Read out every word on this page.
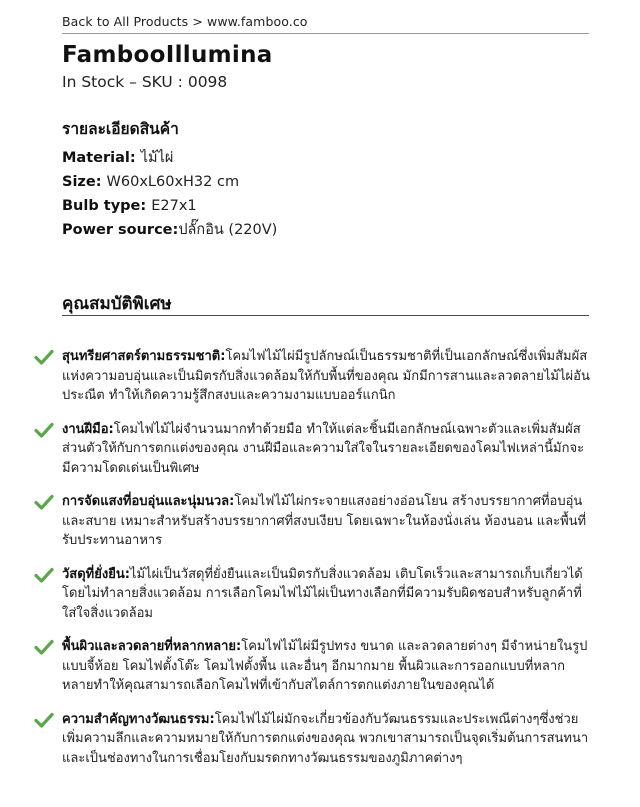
Back to All Products > www.famboo.co
FambooIllumina
In Stock – SKU : 0098
รายละเอียดสินค้า
Material: ไม้ไผ่
Size: W60xL60xH32 cm
Bulb type: E27x1
Power source:ปลั๊กอิน (220V)
คุณสมบัติพิเศษ
สุนทรียศาสตร์ตามธรรมชาติ:โคมไฟไม้ไผ่มีรูปลักษณ์เป็นธรรมชาติที่เป็นเอกลักษณ์ซึ่งเพิ่มสัมผัสแห่งความอบอุ่นและเป็นมิตรกับสิ่งแวดล้อมให้กับพื้นที่ของคุณ มักมีการสานและลวดลายไม้ไผ่อันประณีต ทำให้เกิดความรู้สึกสงบและความงามแบบออร์แกนิก
งานฝีมือ:โคมไฟไม้ไผ่จำนวนมากทำด้วยมือ ทำให้แต่ละชิ้นมีเอกลักษณ์เฉพาะตัวและเพิ่มสัมผัสส่วนตัวให้กับการตกแต่งของคุณ งานฝีมือและความใส่ใจในรายละเอียดของโคมไฟเหล่านี้มักจะมีความโดดเด่นเป็นพิเศษ
การจัดแสงที่อบอุ่นและนุ่มนวล:โคมไฟไม้ไผ่กระจายแสงอย่างอ่อนโยน สร้างบรรยากาศที่อบอุ่นและสบาย เหมาะสำหรับสร้างบรรยากาศที่สงบเงียบ โดยเฉพาะในห้องนั่งเล่น ห้องนอน และพื้นที่รับประทานอาหาร
วัสดุที่ยั่งยืน:ไม้ไผ่เป็นวัสดุที่ยั่งยืนและเป็นมิตรกับสิ่งแวดล้อม เติบโตเร็วและสามารถเก็บเกี่ยวได้โดยไม่ทำลายสิ่งแวดล้อม การเลือกโคมไฟไม้ไผ่เป็นทางเลือกที่มีความรับผิดชอบสำหรับลูกค้าที่ใส่ใจสิ่งแวดล้อม
พื้นผิวและลวดลายที่หลากหลาย:โคมไฟไม้ไผ่มีรูปทรง ขนาด และลวดลายต่างๆ มีจำหน่ายในรูปแบบจี้ห้อย โคมไฟตั้งโต๊ะ โคมไฟตั้งพื้น และอื่นๆ อีกมากมาย พื้นผิวและการออกแบบที่หลากหลายทำให้คุณสามารถเลือกโคมไฟที่เข้ากับสไตล์การตกแต่งภายในของคุณได้
ความสำคัญทางวัฒนธรรม:โคมไฟไม้ไผ่มักจะเกี่ยวข้องกับวัฒนธรรมและประเพณีต่างๆซึ่งช่วยเพิ่มความลึกและความหมายให้กับการตกแต่งของคุณ พวกเขาสามารถเป็นจุดเริ่มต้นการสนทนาและเป็นช่องทางในการเชื่อมโยงกับมรดกทางวัฒนธรรมของภูมิภาคต่างๆ
